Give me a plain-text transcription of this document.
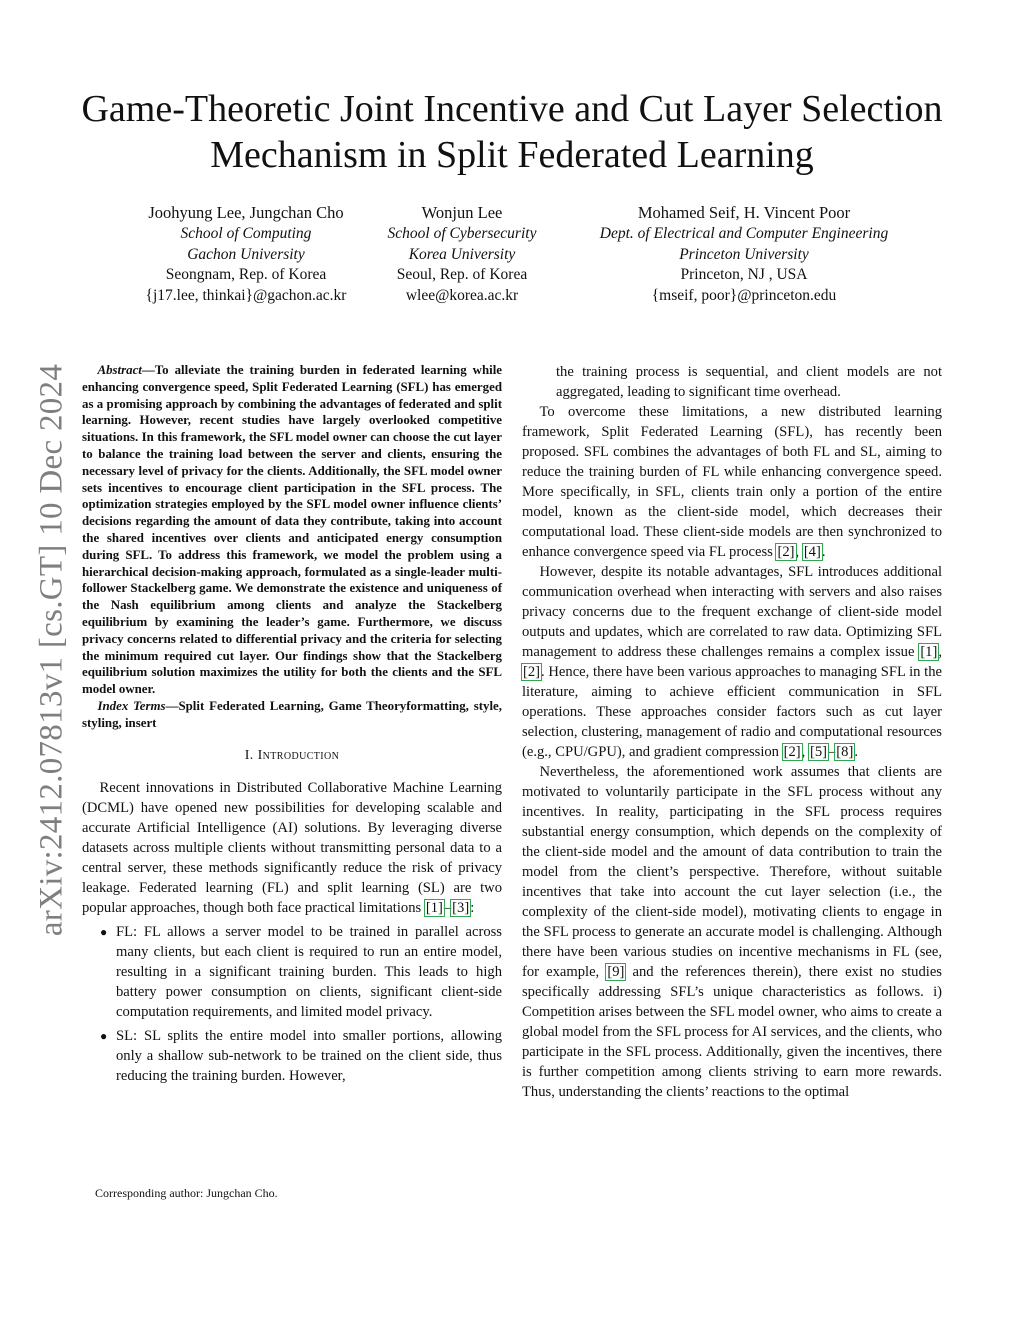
Game-Theoretic Joint Incentive and Cut Layer Selection Mechanism in Split Federated Learning
Joohyung Lee, Jungchan Cho
School of Computing
Gachon University
Seongnam, Rep. of Korea
{j17.lee, thinkai}@gachon.ac.kr
Wonjun Lee
School of Cybersecurity
Korea University
Seoul, Rep. of Korea
wlee@korea.ac.kr
Mohamed Seif, H. Vincent Poor
Dept. of Electrical and Computer Engineering
Princeton University
Princeton, NJ , USA
{mseif, poor}@princeton.edu
arXiv:2412.07813v1 [cs.GT] 10 Dec 2024	Abstract—To alleviate the training burden in federated learning while enhancing convergence speed, Split Federated Learning (SFL) has emerged as a promising approach by combining the advantages of federated and split learning. However, recent studies have largely overlooked competitive situations. In this framework, the SFL model owner can choose the cut layer to balance the training load between the server and clients, ensuring the necessary level of privacy for the clients. Additionally, the SFL model owner sets incentives to encourage client participation in the SFL process. The optimization strategies employed by the SFL model owner influence clients’ decisions regarding the amount of data they contribute, taking into account the shared incentives over clients and anticipated energy consumption during SFL. To address this framework, we model the problem using a hierarchical decision-making approach, formulated as a single-leader multi-follower Stackelberg game. We demonstrate the existence and uniqueness of the Nash equilibrium among clients and analyze the Stackelberg equilibrium by examining the leader’s game. Furthermore, we discuss privacy concerns related to differential privacy and the criteria for selecting the minimum required cut layer. Our findings show that the Stackelberg equilibrium solution maximizes the utility for both the clients and the SFL model owner.

Index Terms—Split Federated Learning, Game Theoryformatting, style, styling, insert

I. Introduction

Recent innovations in Distributed Collaborative Machine Learning (DCML) have opened new possibilities for developing scalable and accurate Artificial Intelligence (AI) solutions. By leveraging diverse datasets across multiple clients without transmitting personal data to a central server, these methods significantly reduce the risk of privacy leakage. Federated learning (FL) and split learning (SL) are two popular approaches, though both face practical limitations [1]–[3]:

● FL: FL allows a server model to be trained in parallel across many clients, but each client is required to run an entire model, resulting in a significant training burden. This leads to high battery power consumption on clients, significant client-side computation requirements, and limited model privacy.
● SL: SL splits the entire model into smaller portions, allowing only a shallow sub-network to be trained on the client side, thus reducing the training burden. However,

the training process is sequential, and client models are not aggregated, leading to significant time overhead.

To overcome these limitations, a new distributed learning framework, Split Federated Learning (SFL), has recently been proposed. SFL combines the advantages of both FL and SL, aiming to reduce the training burden of FL while enhancing convergence speed. More specifically, in SFL, clients train only a portion of the entire model, known as the client-side model, which decreases their computational load. These client-side models are then synchronized to enhance convergence speed via FL process [2], [4].

However, despite its notable advantages, SFL introduces additional communication overhead when interacting with servers and also raises privacy concerns due to the frequent exchange of client-side model outputs and updates, which are correlated to raw data. Optimizing SFL management to address these challenges remains a complex issue [1], [2]. Hence, there have been various approaches to managing SFL in the literature, aiming to achieve efficient communication in SFL operations. These approaches consider factors such as cut layer selection, clustering, management of radio and computational resources (e.g., CPU/GPU), and gradient compression [2], [5]–[8].

Nevertheless, the aforementioned work assumes that clients are motivated to voluntarily participate in the SFL process without any incentives. In reality, participating in the SFL process requires substantial energy consumption, which depends on the complexity of the client-side model and the amount of data contribution to train the model from the client’s perspective. Therefore, without suitable incentives that take into account the cut layer selection (i.e., the complexity of the client-side model), motivating clients to engage in the SFL process to generate an accurate model is challenging. Although there have been various studies on incentive mechanisms in FL (see, for example, [9] and the references therein), there exist no studies specifically addressing SFL’s unique characteristics as follows. i) Competition arises between the SFL model owner, who aims to create a global model from the SFL process for AI services, and the clients, who participate in the SFL process. Additionally, given the incentives, there is further competition among clients striving to earn more rewards. Thus, understanding the clients’ reactions to the optimal

Corresponding author: Jungchan Cho.
